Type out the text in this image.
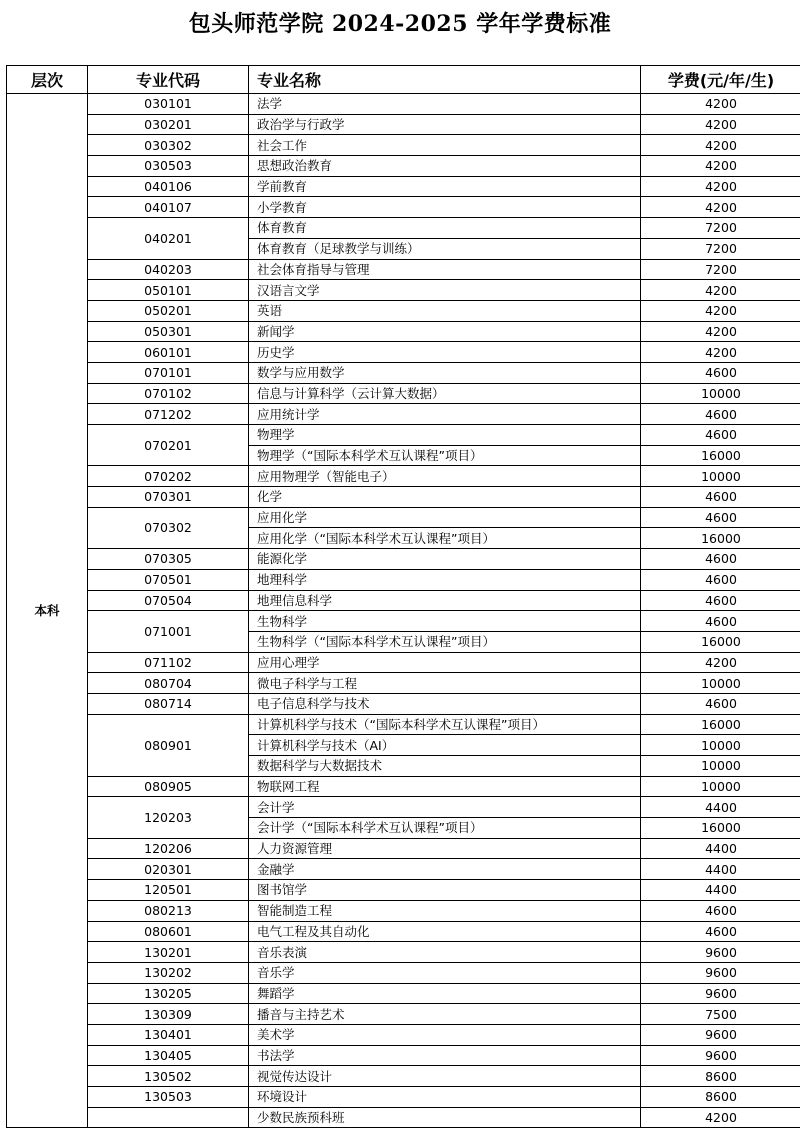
包头师范学院 2024-2025 学年学费标准
层次	专业代码	专业名称	学费(元/年/生)
本科	030101	法学	4200
	030201	政治学与行政学	4200
	030302	社会工作	4200
	030503	思想政治教育	4200
	040106	学前教育	4200
	040107	小学教育	4200
	040201	体育教育	7200
		体育教育（足球教学与训练）	7200
	040203	社会体育指导与管理	7200
	050101	汉语言文学	4200
	050201	英语	4200
	050301	新闻学	4200
	060101	历史学	4200
	070101	数学与应用数学	4600
	070102	信息与计算科学（云计算大数据）	10000
	071202	应用统计学	4600
	070201	物理学	4600
		物理学（“国际本科学术互认课程”项目）	16000
	070202	应用物理学（智能电子）	10000
	070301	化学	4600
	070302	应用化学	4600
		应用化学（“国际本科学术互认课程”项目）	16000
	070305	能源化学	4600
	070501	地理科学	4600
	070504	地理信息科学	4600
	071001	生物科学	4600
		生物科学（“国际本科学术互认课程”项目）	16000
	071102	应用心理学	4200
	080704	微电子科学与工程	10000
	080714	电子信息科学与技术	4600
	080901	计算机科学与技术（“国际本科学术互认课程”项目）	16000
		计算机科学与技术（AI）	10000
		数据科学与大数据技术	10000
	080905	物联网工程	10000
	120203	会计学	4400
		会计学（“国际本科学术互认课程”项目）	16000
	120206	人力资源管理	4400
	020301	金融学	4400
	120501	图书馆学	4400
	080213	智能制造工程	4600
	080601	电气工程及其自动化	4600
	130201	音乐表演	9600
	130202	音乐学	9600
	130205	舞蹈学	9600
	130309	播音与主持艺术	7500
	130401	美术学	9600
	130405	书法学	9600
	130502	视觉传达设计	8600
	130503	环境设计	8600
		少数民族预科班	4200
